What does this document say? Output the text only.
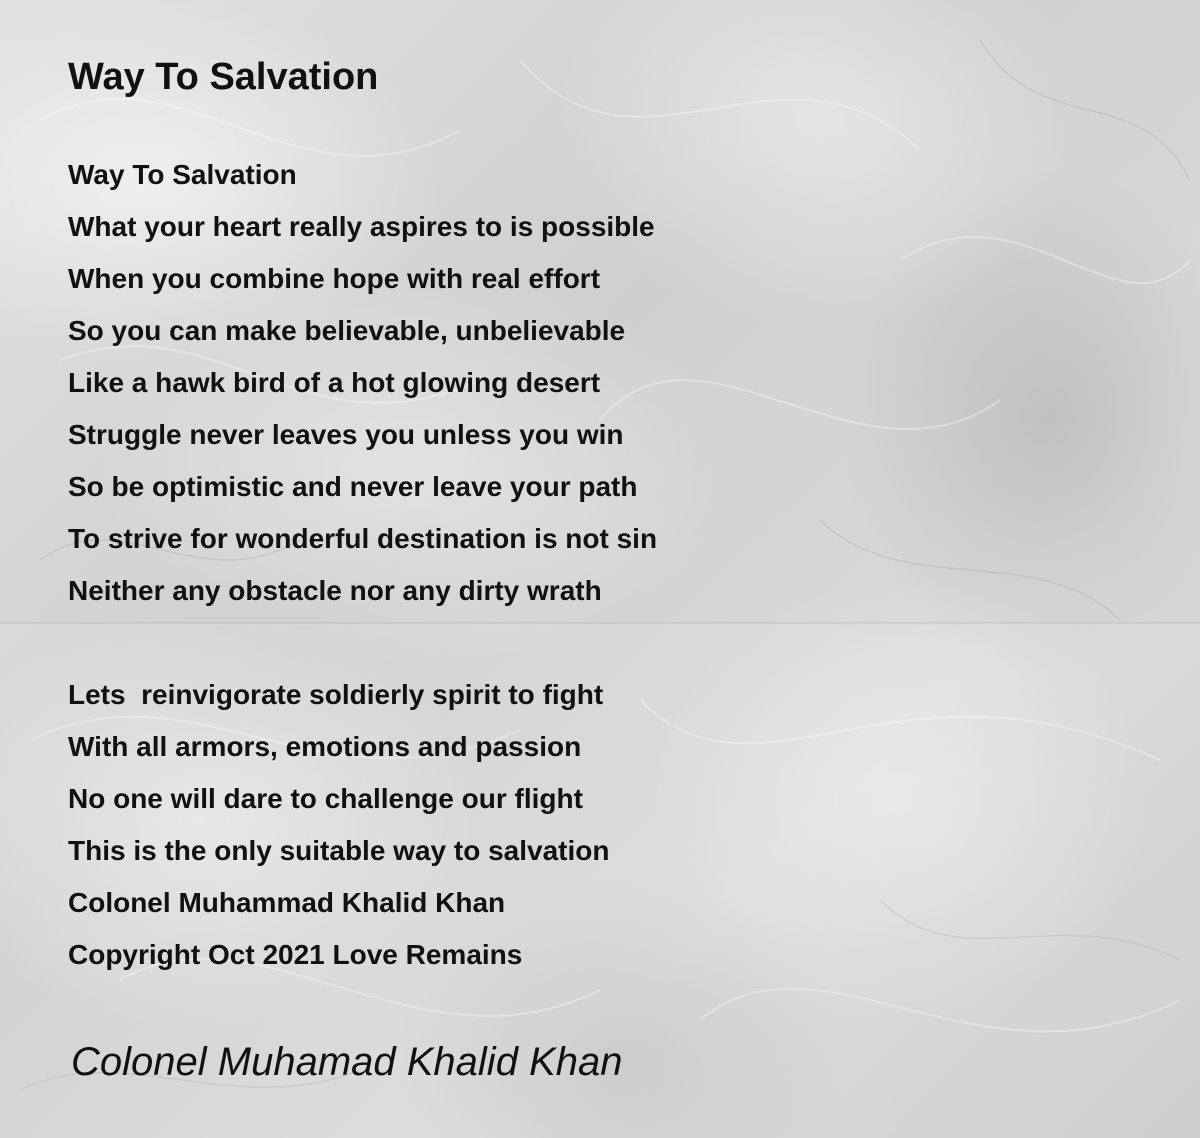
Way To Salvation
Way To Salvation
What your heart really aspires to is possible
When you combine hope with real effort
So you can make believable, unbelievable
Like a hawk bird of a hot glowing desert
Struggle never leaves you unless you win
So be optimistic and never leave your path
To strive for wonderful destination is not sin
Neither any obstacle nor any dirty wrath
Lets  reinvigorate soldierly spirit to fight
With all armors, emotions and passion
No one will dare to challenge our flight
This is the only suitable way to salvation
Colonel Muhammad Khalid Khan
Copyright Oct 2021 Love Remains
Colonel Muhamad Khalid Khan
